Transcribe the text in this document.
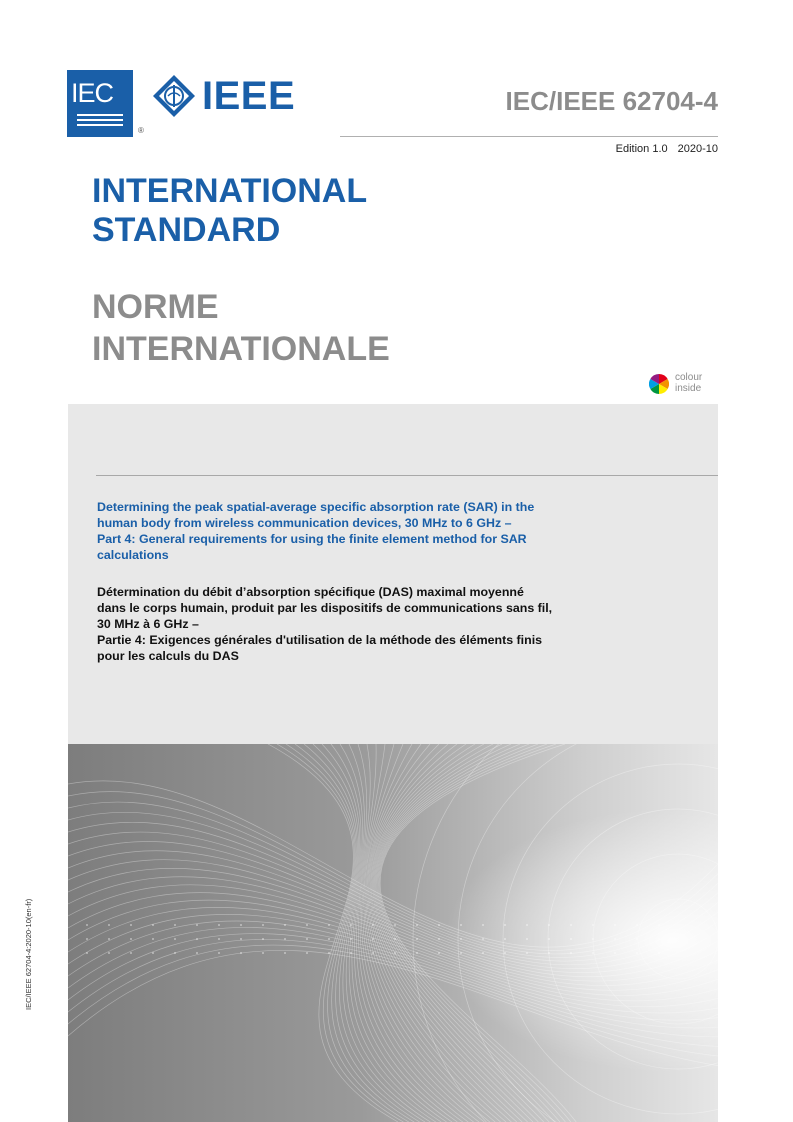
IEC
®
IEEE	IEC/IEEE 62704-4
Edition 1.0 2020-10
INTERNATIONAL
STANDARD
NORME
INTERNATIONALE
colour
inside
Determining the peak spatial-average specific absorption rate (SAR) in the
human body from wireless communication devices, 30 MHz to 6 GHz –
Part 4: General requirements for using the finite element method for SAR
calculations
Détermination du débit d’absorption spécifique (DAS) maximal moyenné
dans le corps humain, produit par les dispositifs de communications sans fil,
30 MHz à 6 GHz –
Partie 4: Exigences générales d'utilisation de la méthode des éléments finis
pour les calculs du DAS
IEC/IEEE 62704-4:2020-10(en-fr)
